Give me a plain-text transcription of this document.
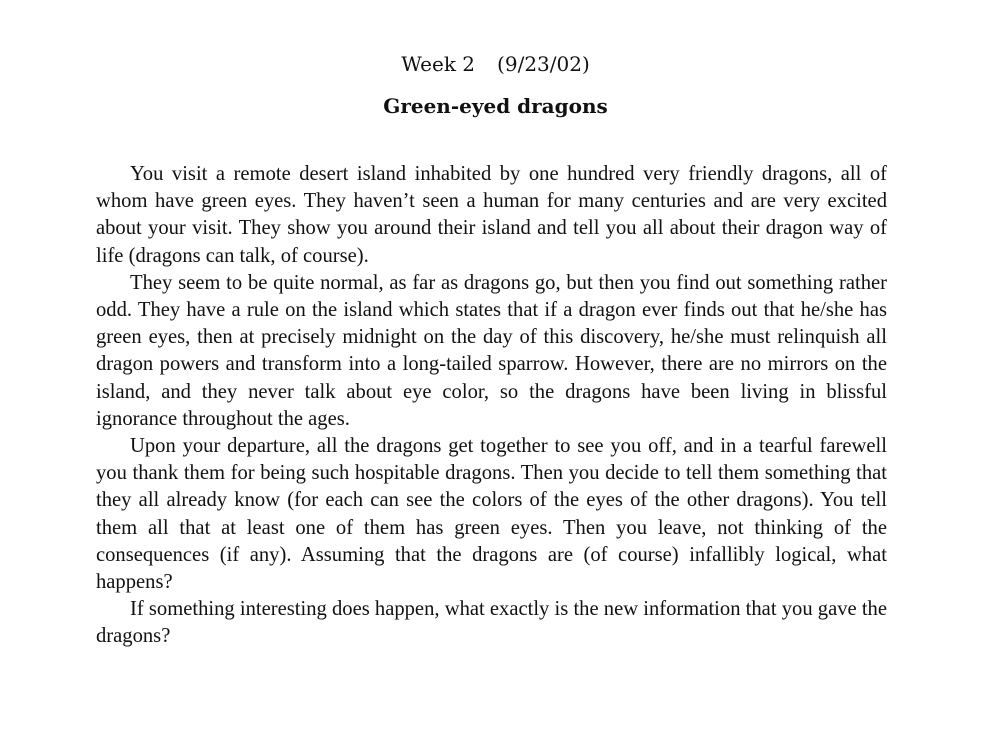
Week 2 (9/23/02)
Green-eyed dragons

You visit a remote desert island inhabited by one hundred very friendly dragons, all of whom have green eyes. They haven’t seen a human for many centuries and are very excited about your visit. They show you around their island and tell you all about their dragon way of life (dragons can talk, of course).

They seem to be quite normal, as far as dragons go, but then you find out something rather odd. They have a rule on the island which states that if a dragon ever finds out that he/she has green eyes, then at precisely midnight on the day of this discovery, he/she must relinquish all dragon powers and transform into a long-tailed sparrow. However, there are no mirrors on the island, and they never talk about eye color, so the dragons have been living in blissful ignorance throughout the ages.

Upon your departure, all the dragons get together to see you off, and in a tearful farewell you thank them for being such hospitable dragons. Then you decide to tell them something that they all already know (for each can see the colors of the eyes of the other dragons). You tell them all that at least one of them has green eyes. Then you leave, not thinking of the consequences (if any). Assuming that the dragons are (of course) infallibly logical, what happens?

If something interesting does happen, what exactly is the new information that you gave the dragons?
